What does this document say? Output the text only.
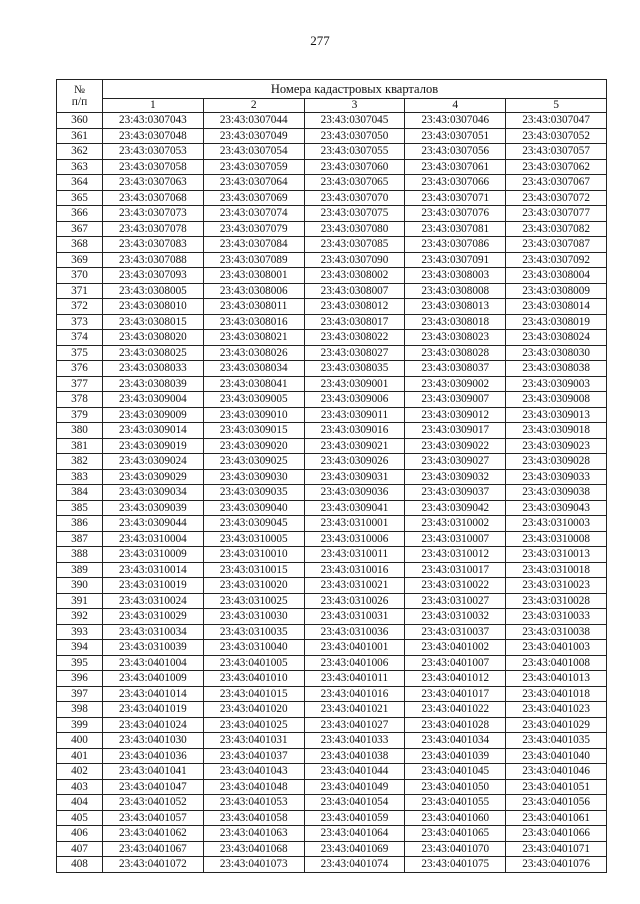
277
№
п/п	Номера кадастровых кварталов				
	1	2	3	4	5
360	23:43:0307043	23:43:0307044	23:43:0307045	23:43:0307046	23:43:0307047
361	23:43:0307048	23:43:0307049	23:43:0307050	23:43:0307051	23:43:0307052
362	23:43:0307053	23:43:0307054	23:43:0307055	23:43:0307056	23:43:0307057
363	23:43:0307058	23:43:0307059	23:43:0307060	23:43:0307061	23:43:0307062
364	23:43:0307063	23:43:0307064	23:43:0307065	23:43:0307066	23:43:0307067
365	23:43:0307068	23:43:0307069	23:43:0307070	23:43:0307071	23:43:0307072
366	23:43:0307073	23:43:0307074	23:43:0307075	23:43:0307076	23:43:0307077
367	23:43:0307078	23:43:0307079	23:43:0307080	23:43:0307081	23:43:0307082
368	23:43:0307083	23:43:0307084	23:43:0307085	23:43:0307086	23:43:0307087
369	23:43:0307088	23:43:0307089	23:43:0307090	23:43:0307091	23:43:0307092
370	23:43:0307093	23:43:0308001	23:43:0308002	23:43:0308003	23:43:0308004
371	23:43:0308005	23:43:0308006	23:43:0308007	23:43:0308008	23:43:0308009
372	23:43:0308010	23:43:0308011	23:43:0308012	23:43:0308013	23:43:0308014
373	23:43:0308015	23:43:0308016	23:43:0308017	23:43:0308018	23:43:0308019
374	23:43:0308020	23:43:0308021	23:43:0308022	23:43:0308023	23:43:0308024
375	23:43:0308025	23:43:0308026	23:43:0308027	23:43:0308028	23:43:0308030
376	23:43:0308033	23:43:0308034	23:43:0308035	23:43:0308037	23:43:0308038
377	23:43:0308039	23:43:0308041	23:43:0309001	23:43:0309002	23:43:0309003
378	23:43:0309004	23:43:0309005	23:43:0309006	23:43:0309007	23:43:0309008
379	23:43:0309009	23:43:0309010	23:43:0309011	23:43:0309012	23:43:0309013
380	23:43:0309014	23:43:0309015	23:43:0309016	23:43:0309017	23:43:0309018
381	23:43:0309019	23:43:0309020	23:43:0309021	23:43:0309022	23:43:0309023
382	23:43:0309024	23:43:0309025	23:43:0309026	23:43:0309027	23:43:0309028
383	23:43:0309029	23:43:0309030	23:43:0309031	23:43:0309032	23:43:0309033
384	23:43:0309034	23:43:0309035	23:43:0309036	23:43:0309037	23:43:0309038
385	23:43:0309039	23:43:0309040	23:43:0309041	23:43:0309042	23:43:0309043
386	23:43:0309044	23:43:0309045	23:43:0310001	23:43:0310002	23:43:0310003
387	23:43:0310004	23:43:0310005	23:43:0310006	23:43:0310007	23:43:0310008
388	23:43:0310009	23:43:0310010	23:43:0310011	23:43:0310012	23:43:0310013
389	23:43:0310014	23:43:0310015	23:43:0310016	23:43:0310017	23:43:0310018
390	23:43:0310019	23:43:0310020	23:43:0310021	23:43:0310022	23:43:0310023
391	23:43:0310024	23:43:0310025	23:43:0310026	23:43:0310027	23:43:0310028
392	23:43:0310029	23:43:0310030	23:43:0310031	23:43:0310032	23:43:0310033
393	23:43:0310034	23:43:0310035	23:43:0310036	23:43:0310037	23:43:0310038
394	23:43:0310039	23:43:0310040	23:43:0401001	23:43:0401002	23:43:0401003
395	23:43:0401004	23:43:0401005	23:43:0401006	23:43:0401007	23:43:0401008
396	23:43:0401009	23:43:0401010	23:43:0401011	23:43:0401012	23:43:0401013
397	23:43:0401014	23:43:0401015	23:43:0401016	23:43:0401017	23:43:0401018
398	23:43:0401019	23:43:0401020	23:43:0401021	23:43:0401022	23:43:0401023
399	23:43:0401024	23:43:0401025	23:43:0401027	23:43:0401028	23:43:0401029
400	23:43:0401030	23:43:0401031	23:43:0401033	23:43:0401034	23:43:0401035
401	23:43:0401036	23:43:0401037	23:43:0401038	23:43:0401039	23:43:0401040
402	23:43:0401041	23:43:0401043	23:43:0401044	23:43:0401045	23:43:0401046
403	23:43:0401047	23:43:0401048	23:43:0401049	23:43:0401050	23:43:0401051
404	23:43:0401052	23:43:0401053	23:43:0401054	23:43:0401055	23:43:0401056
405	23:43:0401057	23:43:0401058	23:43:0401059	23:43:0401060	23:43:0401061
406	23:43:0401062	23:43:0401063	23:43:0401064	23:43:0401065	23:43:0401066
407	23:43:0401067	23:43:0401068	23:43:0401069	23:43:0401070	23:43:0401071
408	23:43:0401072	23:43:0401073	23:43:0401074	23:43:0401075	23:43:0401076
